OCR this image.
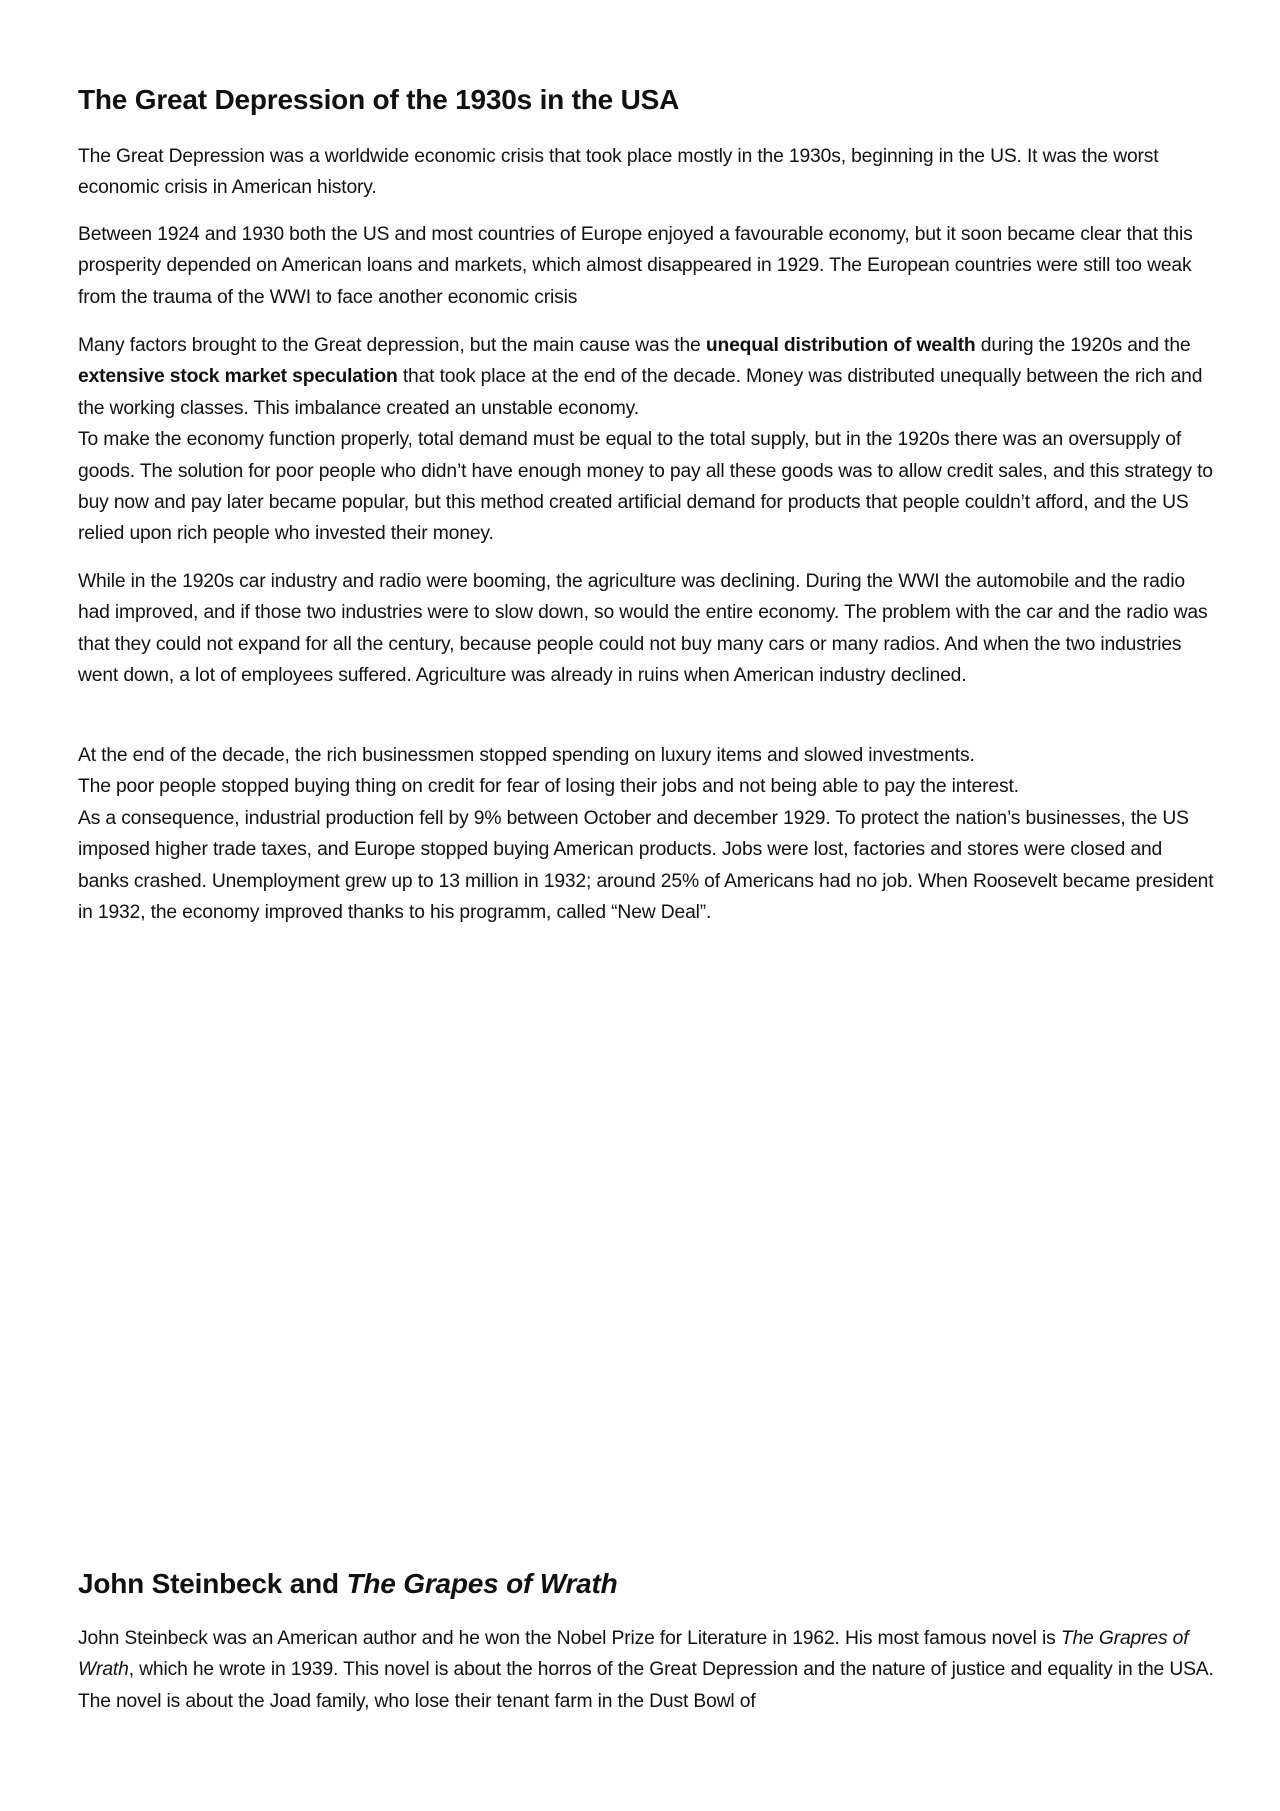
The Great Depression of the 1930s in the USA

The Great Depression was a worldwide economic crisis that took place mostly in the 1930s, beginning in the US. It was the worst economic crisis in American history.

Between 1924 and 1930 both the US and most countries of Europe enjoyed a favourable economy, but it soon became clear that this prosperity depended on American loans and markets, which almost disappeared in 1929. The European countries were still too weak from the trauma of the WWI to face another economic crisis

Many factors brought to the Great depression, but the main cause was the unequal distribution of wealth during the 1920s and the extensive stock market speculation that took place at the end of the decade. Money was distributed unequally between the rich and the working classes. This imbalance created an unstable economy.

To make the economy function properly, total demand must be equal to the total supply, but in the 1920s there was an oversupply of goods. The solution for poor people who didn’t have enough money to pay all these goods was to allow credit sales, and this strategy to buy now and pay later became popular, but this method created artificial demand for products that people couldn’t afford, and the US relied upon rich people who invested their money.

While in the 1920s car industry and radio were booming, the agriculture was declining. During the WWI the automobile and the radio had improved, and if those two industries were to slow down, so would the entire economy. The problem with the car and the radio was that they could not expand for all the century, because people could not buy many cars or many radios. And when the two industries went down, a lot of employees suffered. Agriculture was already in ruins when American industry declined.

At the end of the decade, the rich businessmen stopped spending on luxury items and slowed investments.

The poor people stopped buying thing on credit for fear of losing their jobs and not being able to pay the interest.

As a consequence, industrial production fell by 9% between October and december 1929. To protect the nation’s businesses, the US imposed higher trade taxes, and Europe stopped buying American products. Jobs were lost, factories and stores were closed and banks crashed. Unemployment grew up to 13 million in 1932; around 25% of Americans had no job. When Roosevelt became president in 1932, the economy improved thanks to his programm, called “New Deal”.

John Steinbeck and The Grapes of Wrath

John Steinbeck was an American author and he won the Nobel Prize for Literature in 1962. His most famous novel is The Grapres of Wrath, which he wrote in 1939. This novel is about the horros of the Great Depression and the nature of justice and equality in the USA. The novel is about the Joad family, who lose their tenant farm in the Dust Bowl of
